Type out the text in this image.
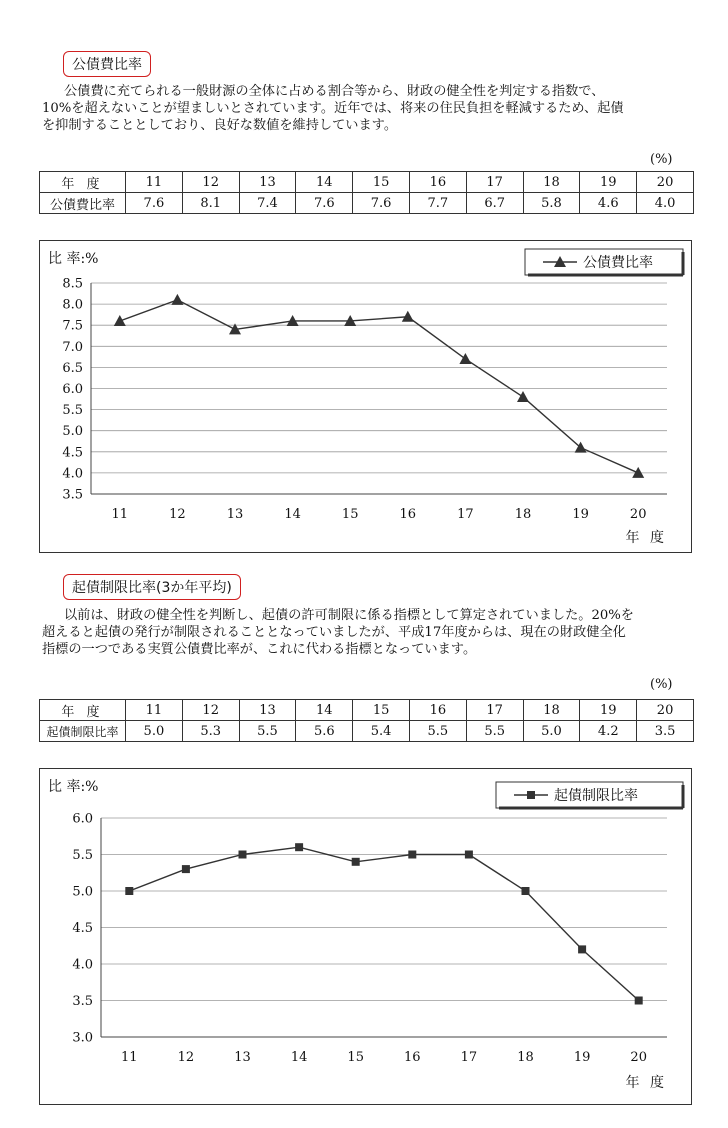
公債費比率
公債費に充てられる一般財源の全体に占める割合等から、財政の健全性を判定する指数で、
10%を超えないことが望ましいとされています。近年では、将来の住民負担を軽減するため、起債
を抑制することとしており、良好な数値を維持しています。
(%)
年 度	11	12	13	14	15	16	17	18	19	20
公債費比率	7.6	8.1	7.4	7.6	7.6	7.7	6.7	5.8	4.6	4.0
3.5
4.0
4.5
5.0
5.5
6.0
6.5
7.0
7.5
8.0
8.5
11	12	13	14	15	16	17	18	19	20
比 率:%
年 度
公債費比率
起債制限比率(3か年平均)
以前は、財政の健全性を判断し、起債の許可制限に係る指標として算定されていました。20%を
超えると起債の発行が制限されることとなっていましたが、平成17年度からは、現在の財政健全化
指標の一つである実質公債費比率が、これに代わる指標となっています。
(%)
年 度	11	12	13	14	15	16	17	18	19	20
起債制限比率	5.0	5.3	5.5	5.6	5.4	5.5	5.5	5.0	4.2	3.5
3.0
3.5
4.0
4.5
5.0
5.5
6.0
11	12	13	14	15	16	17	18	19	20
比 率:%
年 度
起債制限比率
